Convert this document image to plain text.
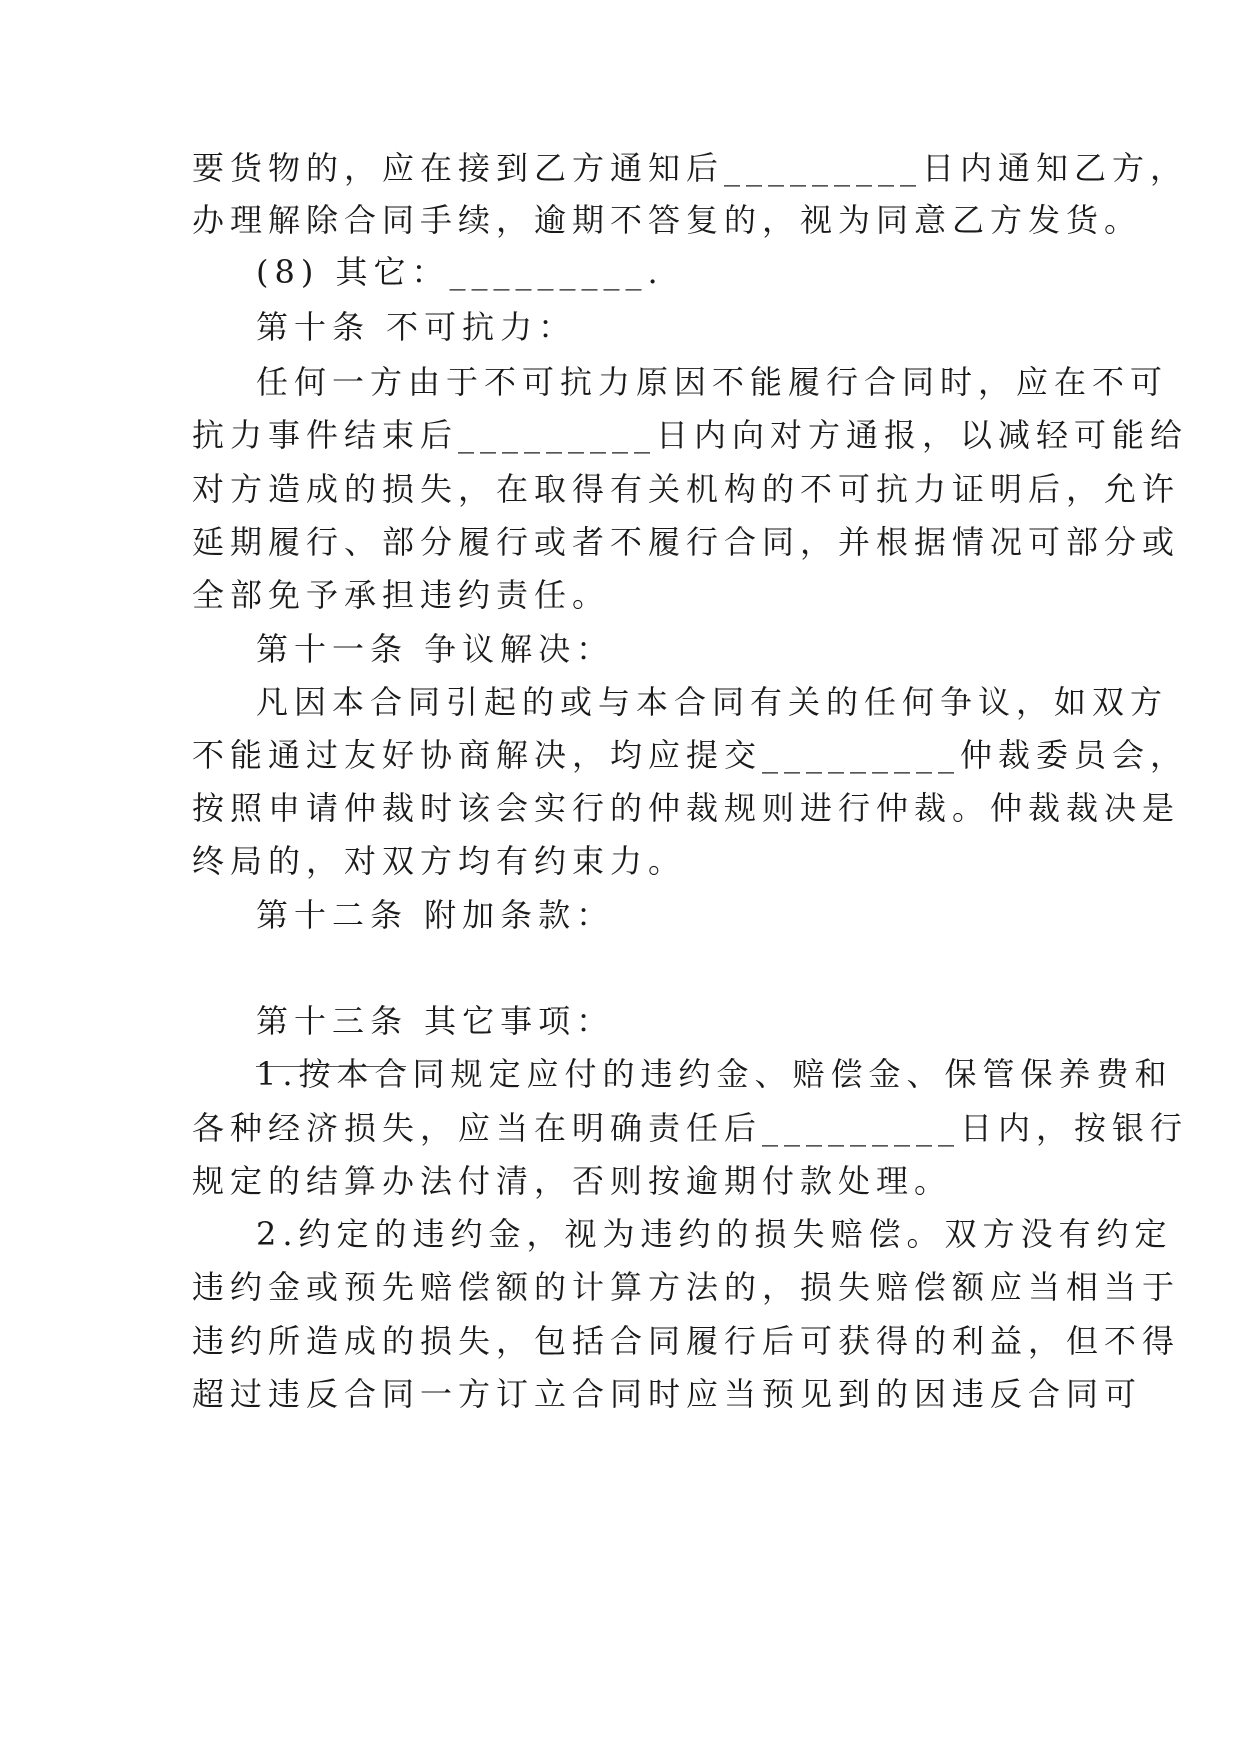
要货物的，应在接到乙方通知后_________日内通知乙方，
办理解除合同手续，逾期不答复的，视为同意乙方发货。
(8) 其它：_________.
第十条 不可抗力：
任何一方由于不可抗力原因不能履行合同时，应在不可
抗力事件结束后_________日内向对方通报，以减轻可能给
对方造成的损失，在取得有关机构的不可抗力证明后，允许
延期履行、部分履行或者不履行合同，并根据情况可部分或
全部免予承担违约责任。
第十一条 争议解决：
凡因本合同引起的或与本合同有关的任何争议，如双方
不能通过友好协商解决，均应提交_________仲裁委员会，
按照申请仲裁时该会实行的仲裁规则进行仲裁。仲裁裁决是
终局的，对双方均有约束力。
第十二条 附加条款：
第十三条 其它事项：
1.按本合同规定应付的违约金、赔偿金、保管保养费和
各种经济损失，应当在明确责任后_________日内，按银行
规定的结算办法付清，否则按逾期付款处理。
2.约定的违约金，视为违约的损失赔偿。双方没有约定
违约金或预先赔偿额的计算方法的，损失赔偿额应当相当于
违约所造成的损失，包括合同履行后可获得的利益，但不得
超过违反合同一方订立合同时应当预见到的因违反合同可
